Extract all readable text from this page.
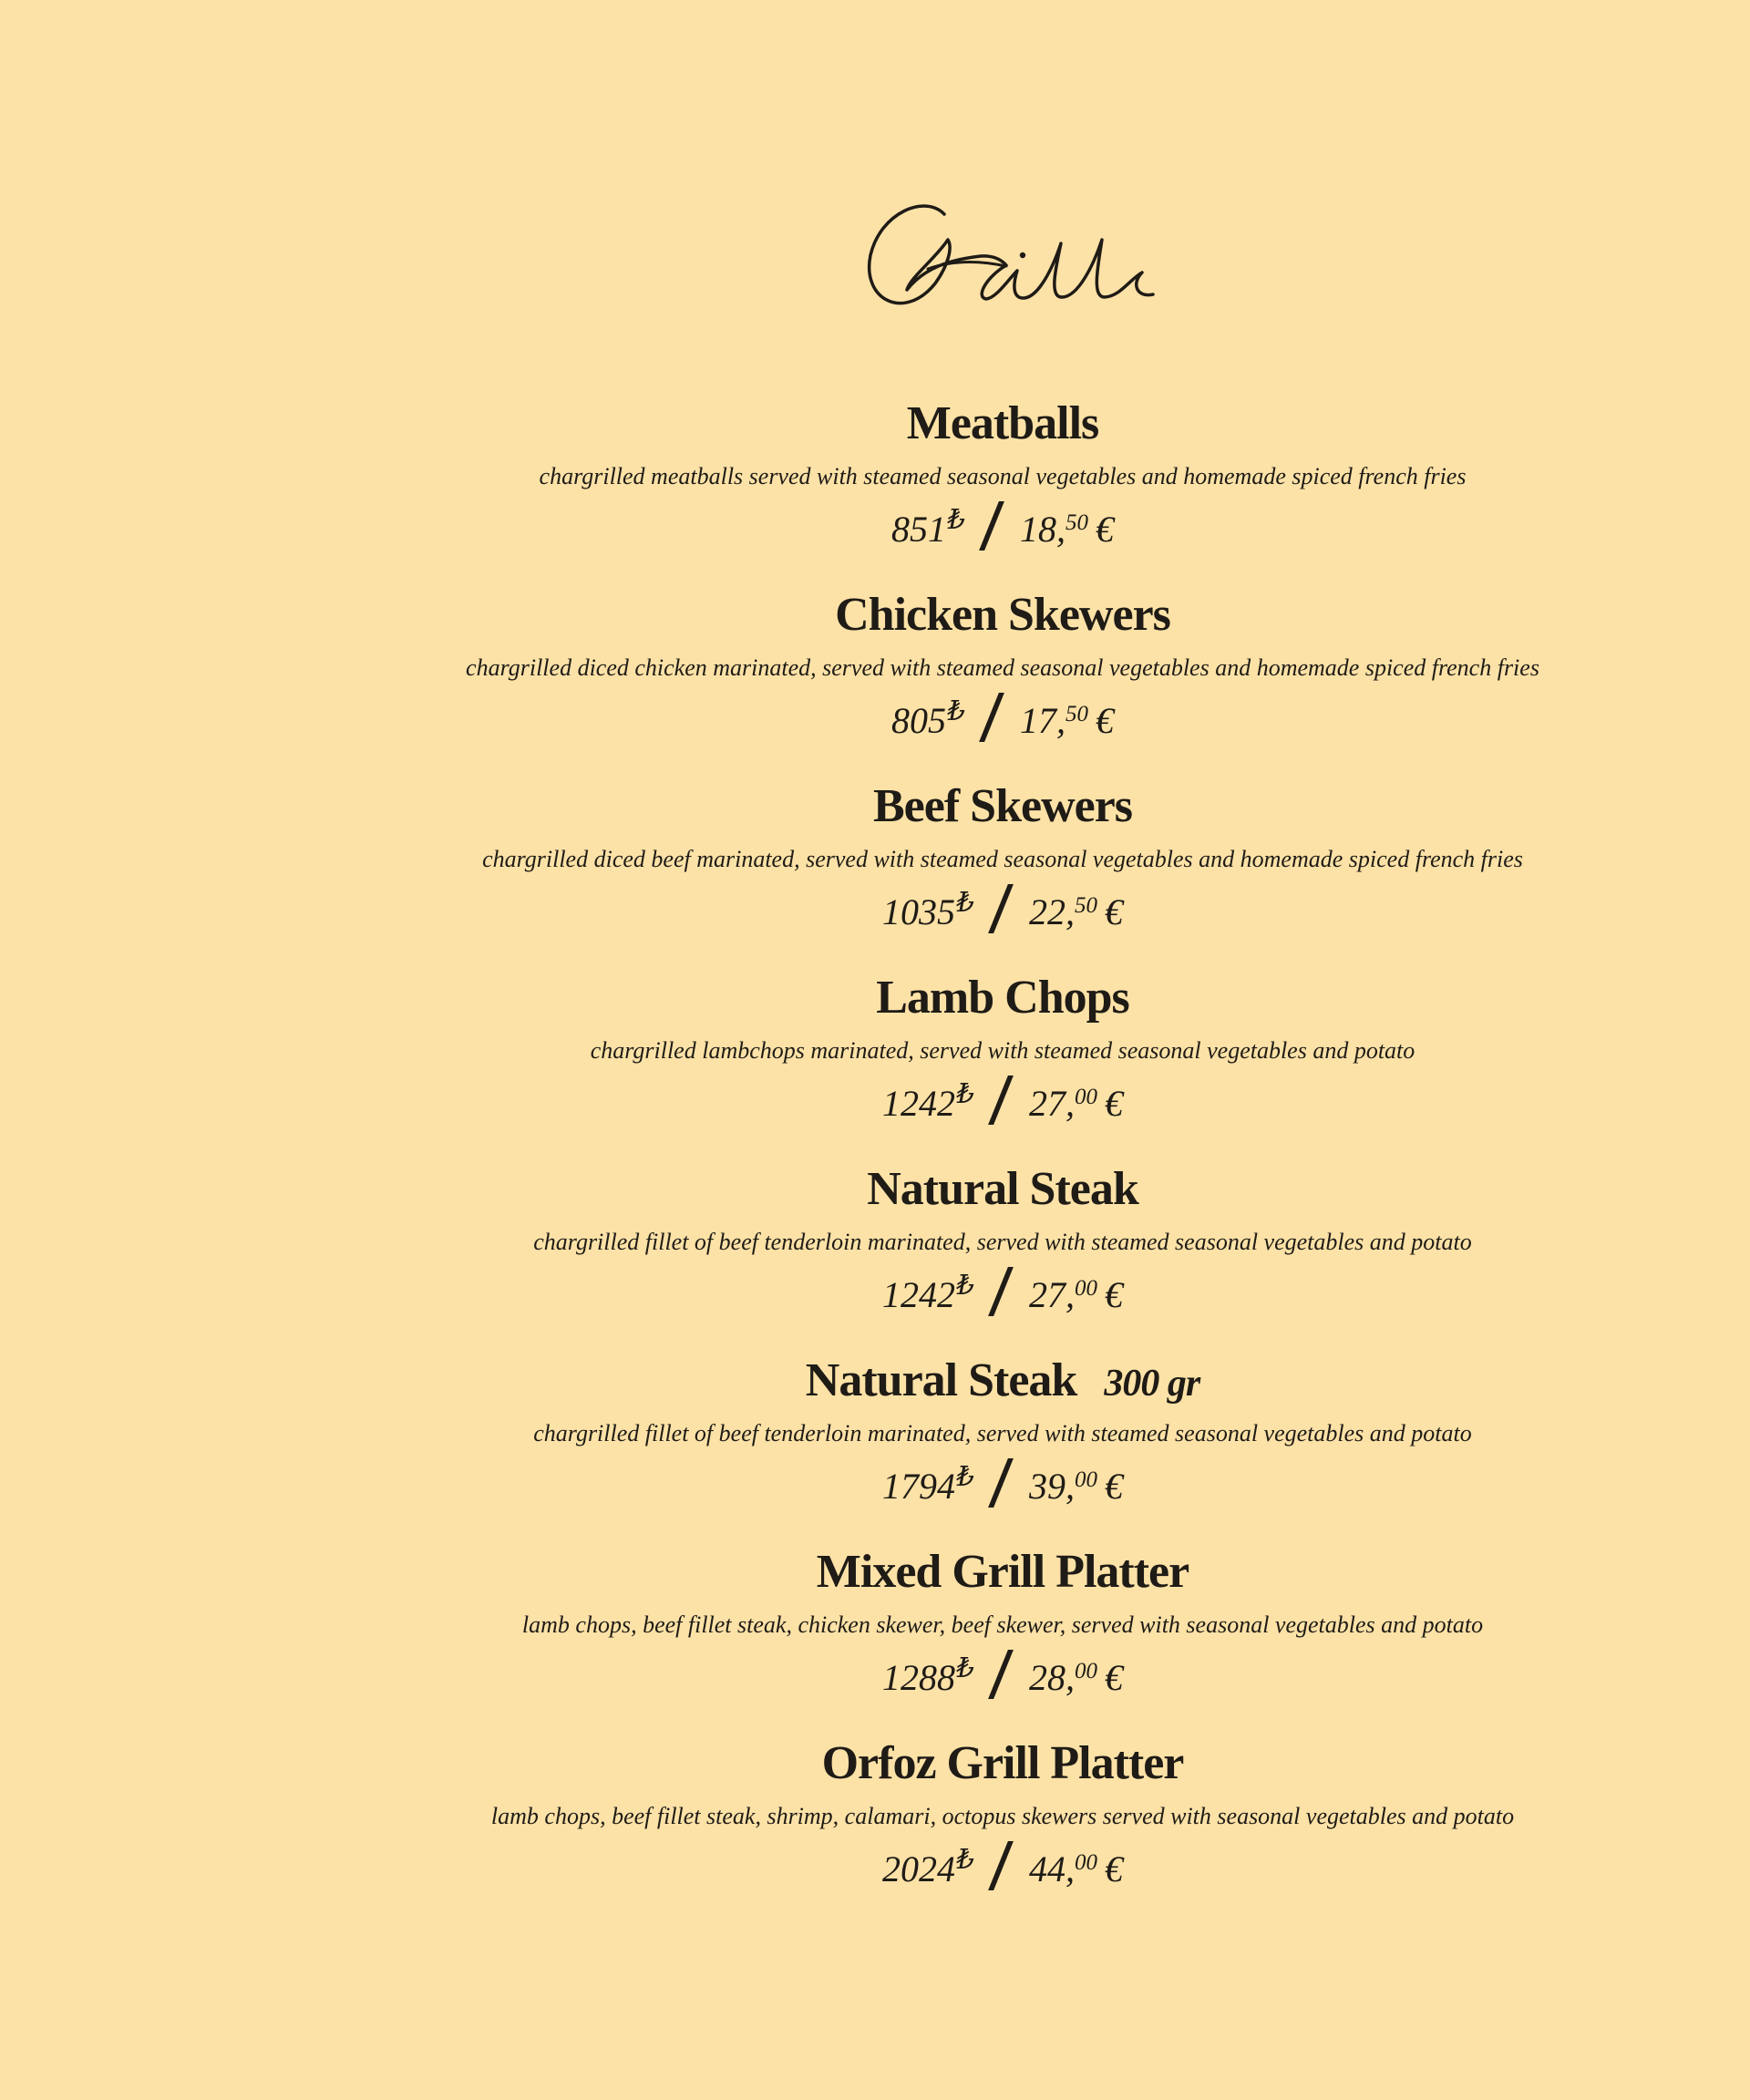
Meatballs
chargrilled meatballs served with steamed seasonal vegetables and homemade spiced french fries
851₺ 18,50 €
Chicken Skewers
chargrilled diced chicken marinated, served with steamed seasonal vegetables and homemade spiced french fries
805₺ 17,50 €
Beef Skewers
chargrilled diced beef marinated, served with steamed seasonal vegetables and homemade spiced french fries
1035₺ 22,50 €
Lamb Chops
chargrilled lambchops marinated, served with steamed seasonal vegetables and potato
1242₺ 27,00 €
Natural Steak
chargrilled fillet of beef tenderloin marinated, served with steamed seasonal vegetables and potato
1242₺ 27,00 €
Natural Steak 300 gr
chargrilled fillet of beef tenderloin marinated, served with steamed seasonal vegetables and potato
1794₺ 39,00 €
Mixed Grill Platter
lamb chops, beef fillet steak, chicken skewer, beef skewer, served with seasonal vegetables and potato
1288₺ 28,00 €
Orfoz Grill Platter
lamb chops, beef fillet steak, shrimp, calamari, octopus skewers served with seasonal vegetables and potato
2024₺ 44,00 €
